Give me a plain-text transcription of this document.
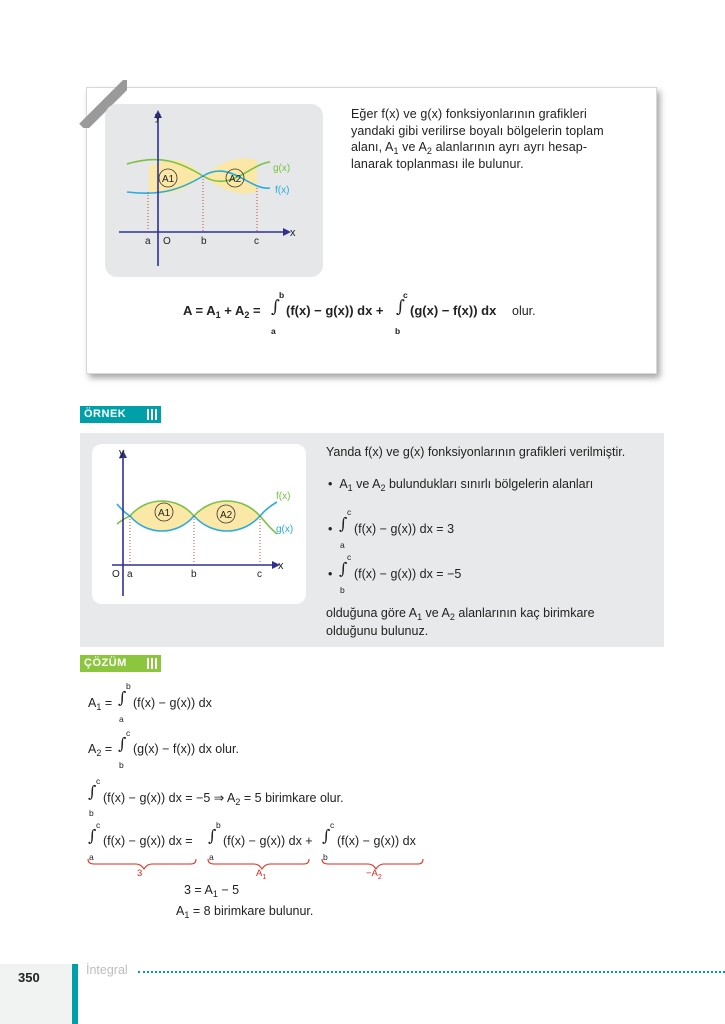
A1	A2
y
x
O
a	b	c
g(x)
f(x)
Eğer f(x) ve g(x) fonksiyonlarının grafikleri
yandaki gibi verilirse boyalı bölgelerin toplam
alanı, $A_1$ ve $A_2$ alanlarının ayrı ayrı hesap-
lanarak toplanması ile bulunur.
$A = A_1 + A_2$ = ∫
b
a
(f(x) − g(x)) dx + ∫
c
b
(g(x) − f(x)) dx olur.
ÖRNEK
A1	A2
y
x
O a	b	c
f(x)
g(x)
Yanda f(x) ve g(x) fonksiyonlarının grafikleri verilmiştir.
•  $A_1$ ve $A_2$ bulundukları sınırlı bölgelerin alanları
• ∫
c
a
(f(x) − g(x)) dx = 3
• ∫
c
b
(f(x) − g(x)) dx = −5
olduğuna göre $A_1$ ve $A_2$ alanlarının kaç birimkare
olduğunu bulunuz.
ÇÖZÜM
$A_1$ = ∫
b
a
(f(x) − g(x)) dx
$A_2$ = ∫
c
b
(g(x) − f(x)) dx olur.
∫
c
b
(f(x) − g(x)) dx = −5 ⇒ $A_2 = 5$ birimkare olur.
∫
c
a
(f(x) − g(x)) dx = ∫
b
a
(f(x) − g(x)) dx + ∫
c
b
(f(x) − g(x)) dx
3	$A_1$	$-A_2$
$3 = A_1 - 5$
$A_1 = 8$ birimkare bulunur.
350	İntegral
